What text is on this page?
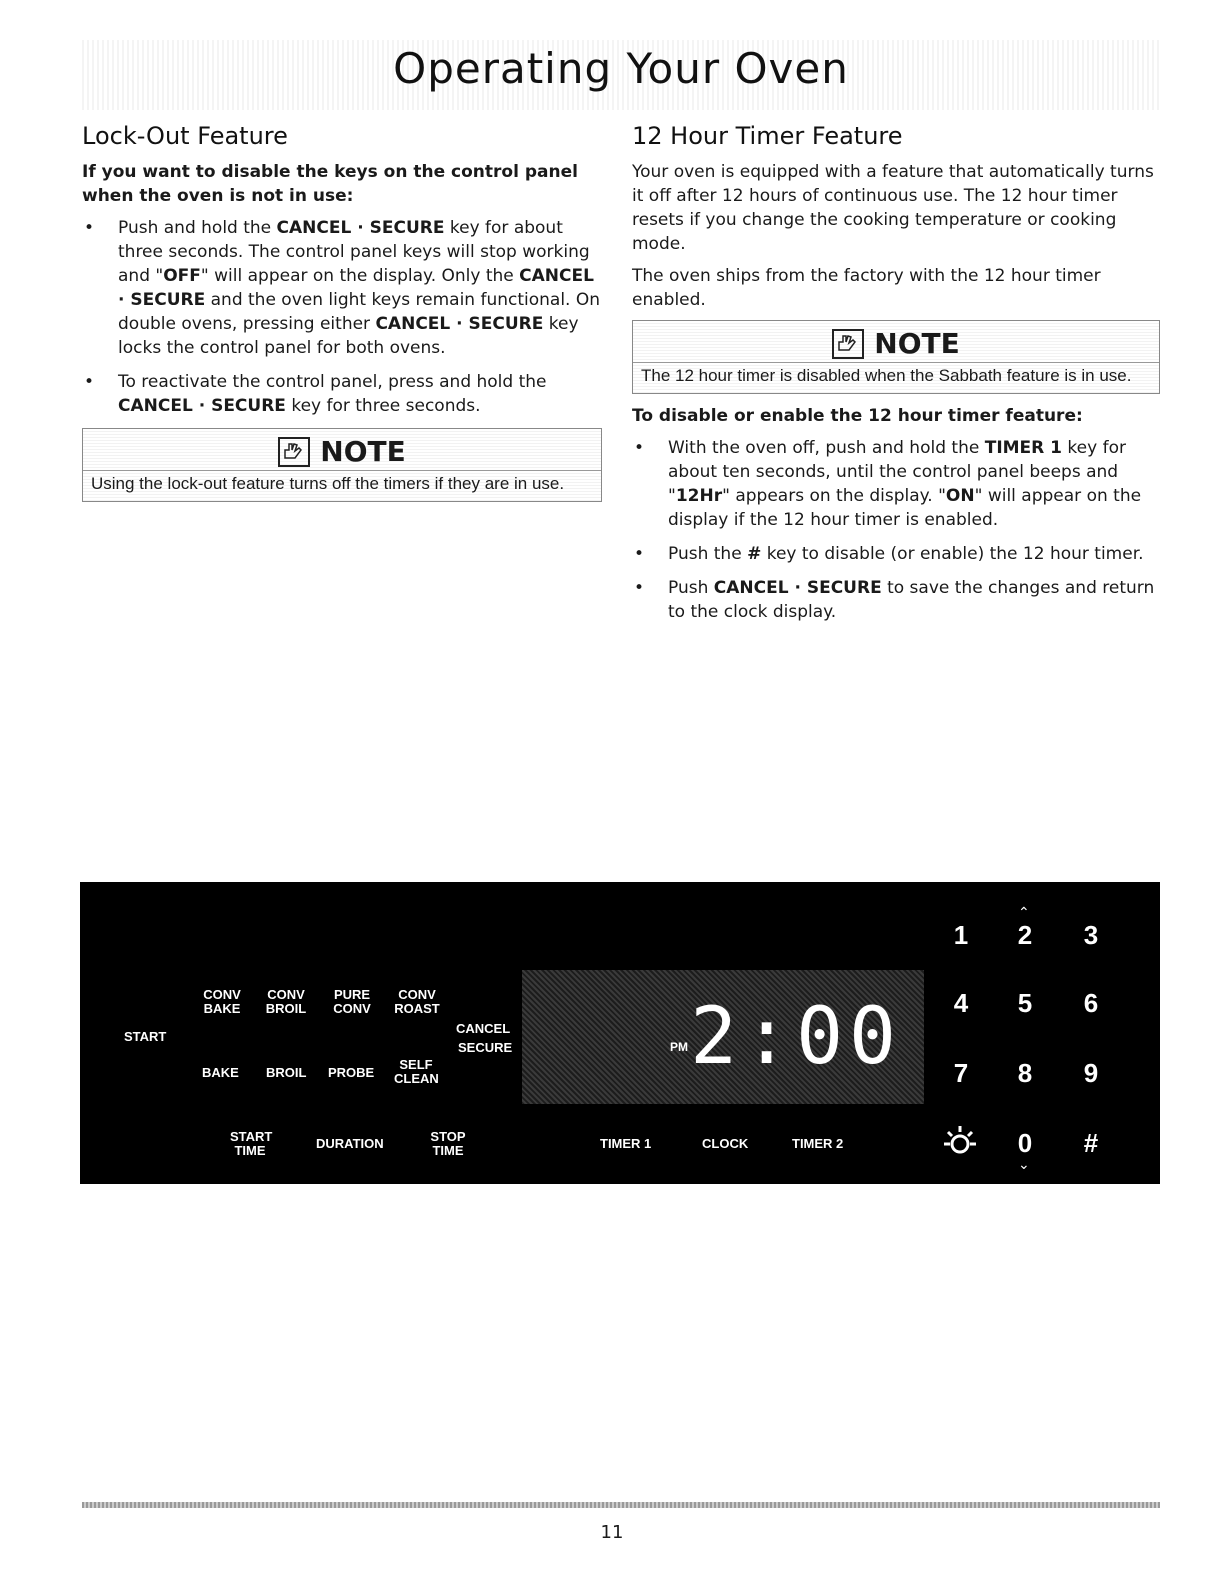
Operating Your Oven
Lock-Out Feature
If you want to disable the keys on the control panel when the oven is not in use:
• Push and hold the CANCEL · SECURE key for about three seconds. The control panel keys will stop working and "OFF" will appear on the display. Only the CANCEL · SECURE and the oven light keys remain functional. On double ovens, pressing either CANCEL · SECURE key locks the control panel for both ovens.
• To reactivate the control panel, press and hold the CANCEL · SECURE key for three seconds.
NOTE
Using the lock-out feature turns off the timers if they are in use.
12 Hour Timer Feature

Your oven is equipped with a feature that automatically turns it off after 12 hours of continuous use. The 12 hour timer resets if you change the cooking temperature or cooking mode.

The oven ships from the factory with the 12 hour timer enabled.

NOTE
The 12 hour timer is disabled when the Sabbath feature is in use.
To disable or enable the 12 hour timer feature:
• With the oven off, push and hold the TIMER 1 key for about ten seconds, until the control panel beeps and "12Hr" appears on the display. "ON" will appear on the display if the 12 hour timer is enabled.
• Push the # key to disable (or enable) the 12 hour timer.
• Push CANCEL · SECURE to save the changes and return to the clock display.
START
CONV BAKE
CONV BROIL
PURE CONV
CONV ROAST
CANCEL
SECURE
BAKE BROIL PROBE
SELF CLEAN
START TIME	DURATION	STOP TIME
PM 2:00
TIMER 1	CLOCK	TIMER 2
1 2
⌃
3
4 5 6
7 8 9
0
⌄
#
11
